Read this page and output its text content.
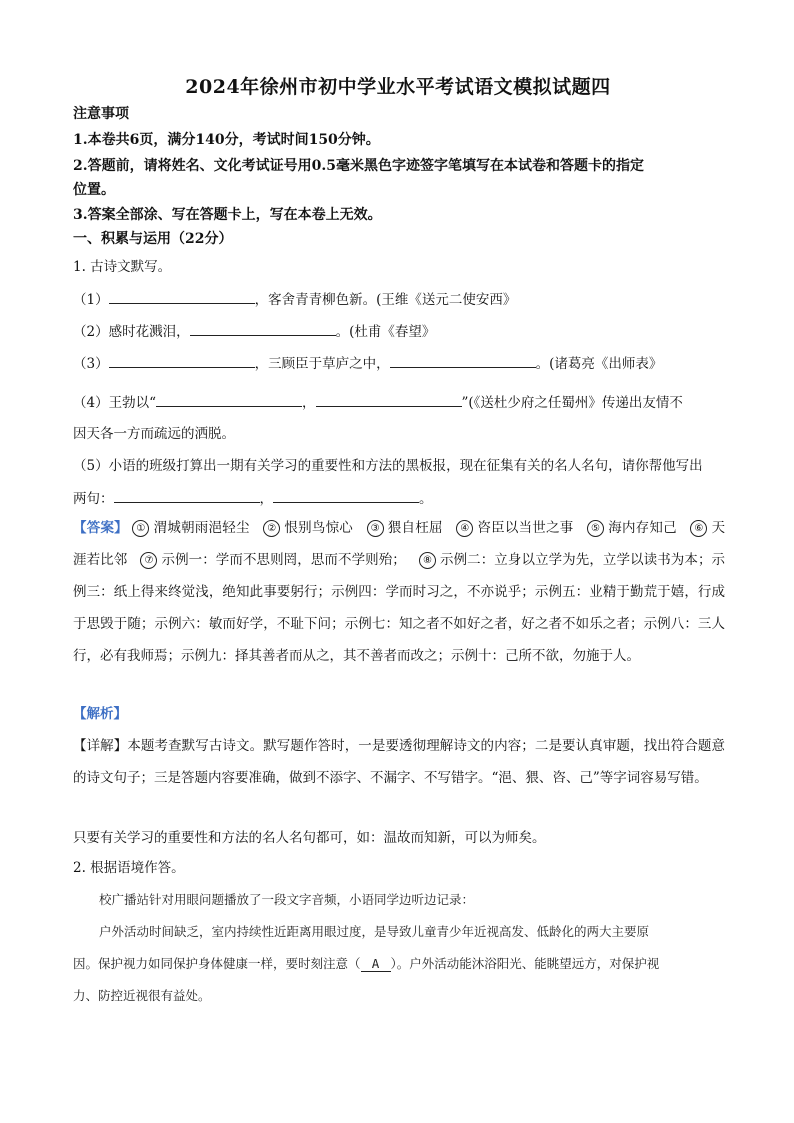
2024年徐州市初中学业水平考试语文模拟试题四
注意事项
1.本卷共6页，满分140分，考试时间150分钟。
2.答题前，请将姓名、文化考试证号用0.5毫米黑色字迹签字笔填写在本试卷和答题卡的指定
位置。
3.答案全部涂、写在答题卡上，写在本卷上无效。
一、积累与运用（22分）
1. 古诗文默写。
（1）	，客舍青青柳色新。(王维《送元二使安西》
（2）感时花溅泪，	。(杜甫《春望》
（3）	，三顾臣于草庐之中，	。(诸葛亮《出师表》
（4）王勃以“	，	”(《送杜少府之任蜀州》传递出友情不
因天各一方而疏远的洒脱。
（5）小语的班级打算出一期有关学习的重要性和方法的黑板报，现在征集有关的名人名句，请你帮他写出
两句：	，	。
【答案】 ① 渭城朝雨浥轻尘 ② 恨别鸟惊心 ③ 猥自枉屈 ④ 咨臣以当世之事 ⑤ 海内存知己 ⑥ 天涯若比邻 ⑦ 示例一：学而不思则罔，思而不学则殆； ⑧ 示例二：立身以立学为先，立学以读书为本；示例三：纸上得来终觉浅，绝知此事要躬行；示例四：学而时习之，不亦说乎；示例五：业精于勤荒于嬉，行成于思毁于随；示例六：敏而好学，不耻下问；示例七：知之者不如好之者，好之者不如乐之者；示例八：三人行，必有我师焉；示例九：择其善者而从之，其不善者而改之；示例十：己所不欲，勿施于人。
【解析】
【详解】本题考查默写古诗文。默写题作答时，一是要透彻理解诗文的内容；二是要认真审题，找出符合题意的诗文句子；三是答题内容要准确，做到不添字、不漏字、不写错字。“浥、猥、咨、己”等字词容易写错。
只要有关学习的重要性和方法的名人名句都可，如：温故而知新，可以为师矣。
2. 根据语境作答。
校广播站针对用眼问题播放了一段文字音频，小语同学边听边记录：
户外活动时间缺乏，室内持续性近距离用眼过度，是导致儿童青少年近视高发、低龄化的两大主要原
因。保护视力如同保护身体健康一样，要时刻注意（ A ）。户外活动能沐浴阳光、能眺望远方，对保护视
力、防控近视很有益处。
